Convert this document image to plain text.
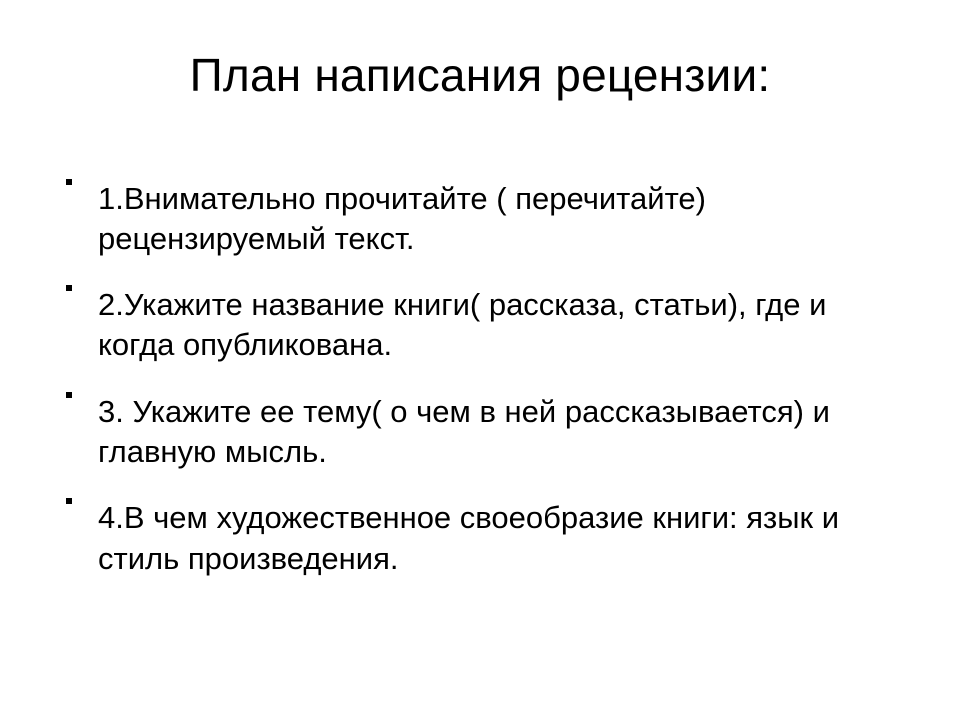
План написания рецензии:
1.Внимательно прочитайте ( перечитайте) рецензируемый текст.
2.Укажите название книги( рассказа, статьи), где и когда опубликована.
3. Укажите ее тему( о чем в ней рассказывается) и главную мысль.
4.В чем художественное своеобразие книги: язык и стиль произведения.
